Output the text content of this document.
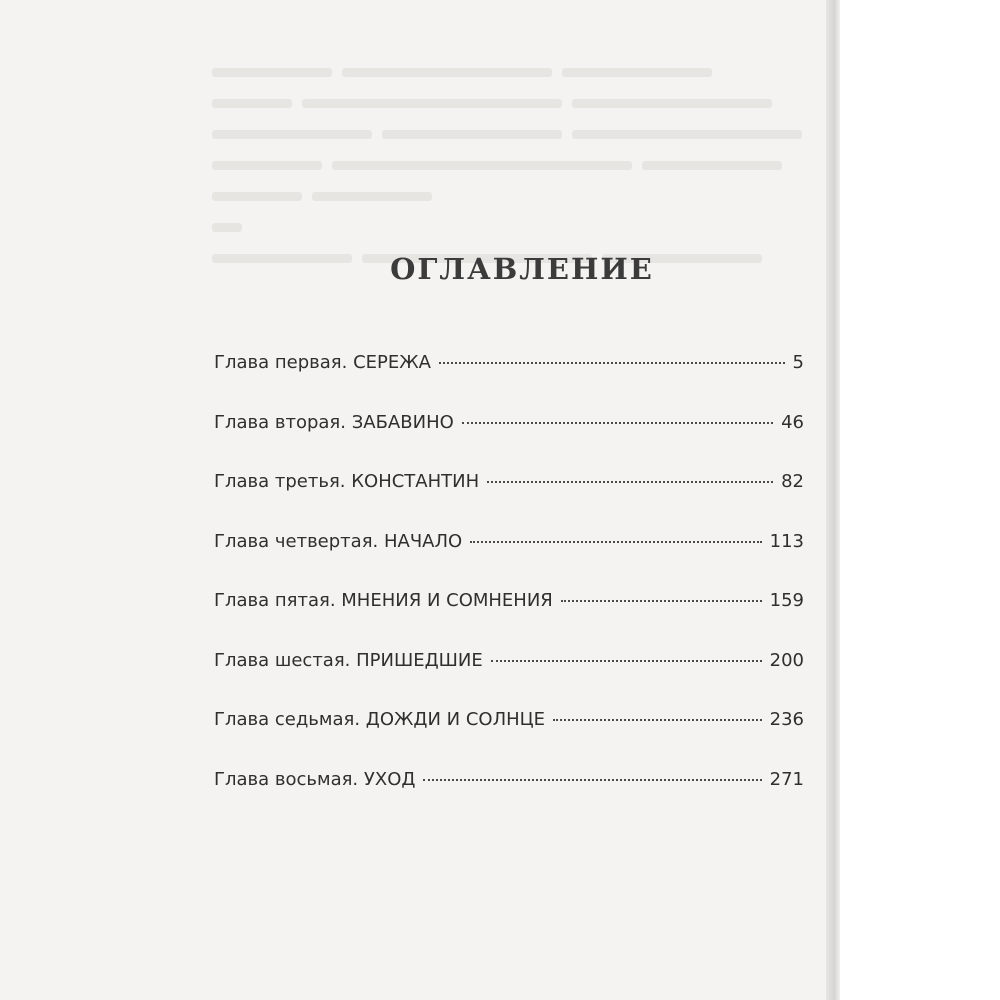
ОГЛАВЛЕНИЕ
Глава первая. СЕРЕЖА	5
Глава вторая. ЗАБАВИНО	46
Глава третья. КОНСТАНТИН	82
Глава четвертая. НАЧАЛО	113
Глава пятая. МНЕНИЯ И СОМНЕНИЯ	159
Глава шестая. ПРИШЕДШИЕ	200
Глава седьмая. ДОЖДИ И СОЛНЦЕ	236
Глава восьмая. УХОД	271
